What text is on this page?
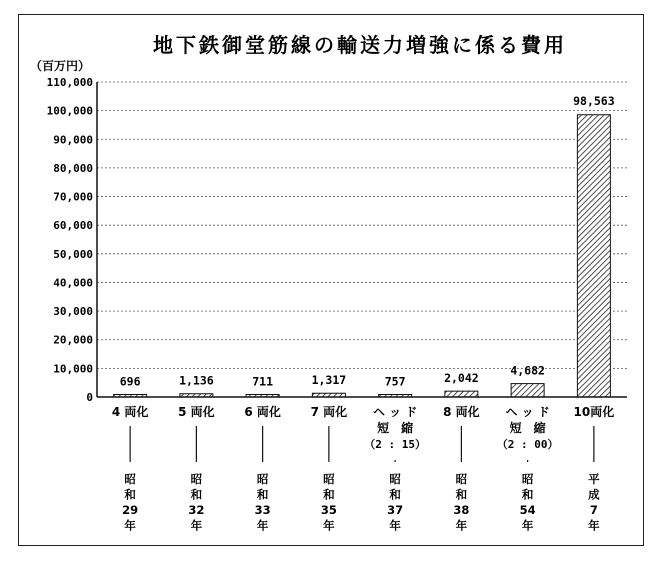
地下鉄御堂筋線の輸送力増強に係る費用
（百万円）
0
10,000
20,000
30,000
40,000
50,000
60,000
70,000
80,000
90,000
100,000
110,000
696	1,136	711	1,317	757	2,042
4,682
98,563
4 両化 5 両化 6 両化 7 両化 ヘ ッ ド
短　縮
（2 : 15）
8 両化 ヘ ッ ド
短　縮
（2 : 00）
10両化
昭
和
29
年
昭
和
32
年
昭
和
33
年
昭
和
35
年
昭
和
37
年
昭
和
38
年
昭
和
54
年
平
成
7
年
